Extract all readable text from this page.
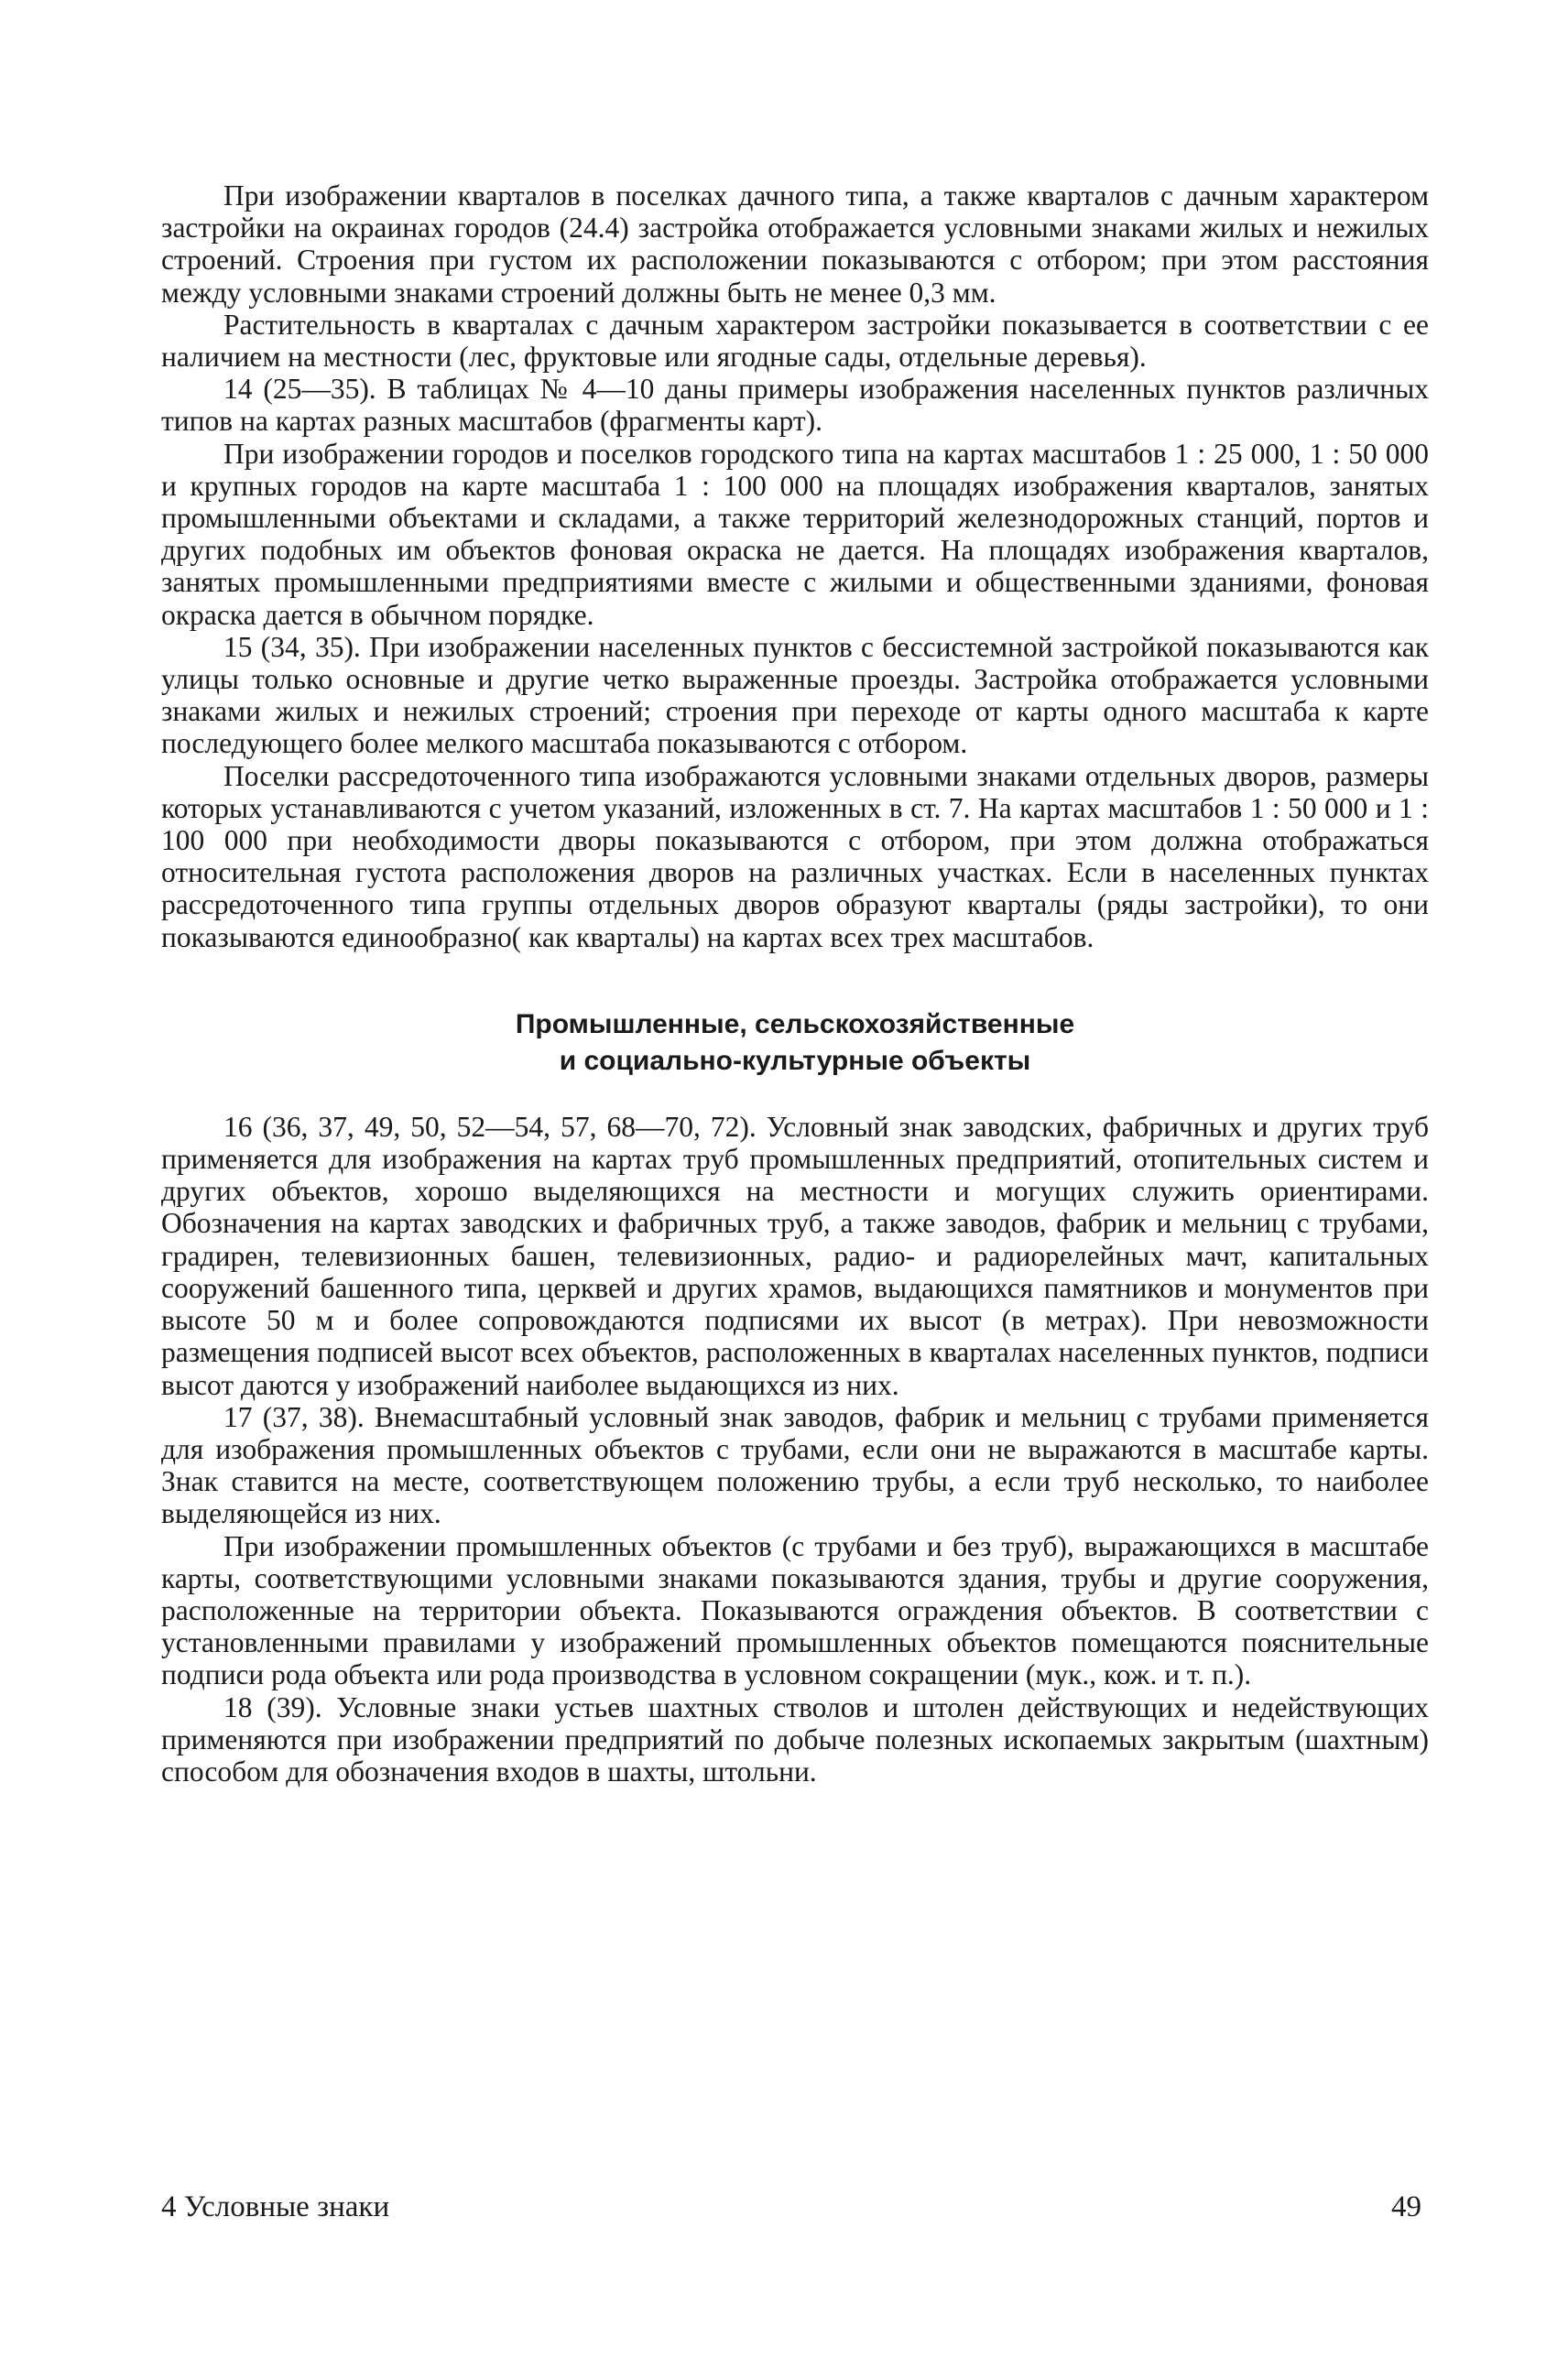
При изображении кварталов в поселках дачного типа, а также кварталов с дачным характером застройки на окраинах городов (24.4) застройка отображается условными знаками жилых и нежилых строений. Строения при густом их расположении показываются с отбором; при этом расстояния между условными знаками строений должны быть не менее 0,3 мм.

Растительность в кварталах с дачным характером застройки показывается в соответствии с ее наличием на местности (лес, фруктовые или ягодные сады, отдельные деревья).

14 (25—35). В таблицах № 4—10 даны примеры изображения населенных пунктов различных типов на картах разных масштабов (фрагменты карт).

При изображении городов и поселков городского типа на картах масштабов 1 : 25 000, 1 : 50 000 и крупных городов на карте масштаба 1 : 100 000 на площадях изображения кварталов, занятых промышленными объектами и складами, а также территорий железнодорожных станций, портов и других подобных им объектов фоновая окраска не дается. На площадях изображения кварталов, занятых промышленными предприятиями вместе с жилыми и общественными зданиями, фоновая окраска дается в обычном порядке.

15 (34, 35). При изображении населенных пунктов с бессистемной застройкой показываются как улицы только основные и другие четко выраженные проезды. Застройка отображается условными знаками жилых и нежилых строений; строения при переходе от карты одного масштаба к карте последующего более мелкого масштаба показываются с отбором.

Поселки рассредоточенного типа изображаются условными знаками отдельных дворов, размеры которых устанавливаются с учетом указаний, изложенных в ст. 7. На картах масштабов 1 : 50 000 и 1 : 100 000 при необходимости дворы показываются с отбором, при этом должна отображаться относительная густота расположения дворов на различных участках. Если в населенных пунктах рассредоточенного типа группы отдельных дворов образуют кварталы (ряды застройки), то они показываются единообразно( как кварталы) на картах всех трех масштабов.

Промышленные, сельскохозяйственные
и социально-культурные объекты

16 (36, 37, 49, 50, 52—54, 57, 68—70, 72). Условный знак заводских, фабричных и других труб применяется для изображения на картах труб промышленных предприятий, отопительных систем и других объектов, хорошо выделяющихся на местности и могущих служить ориентирами. Обозначения на картах заводских и фабричных труб, а также заводов, фабрик и мельниц с трубами, градирен, телевизионных башен, телевизионных, радио- и радиорелейных мачт, капитальных сооружений башенного типа, церквей и других храмов, выдающихся памятников и монументов при высоте 50 м и более сопровождаются подписями их высот (в метрах). При невозможности размещения подписей высот всех объектов, расположенных в кварталах населенных пунктов, подписи высот даются у изображений наиболее выдающихся из них.

17 (37, 38). Внемасштабный условный знак заводов, фабрик и мельниц с трубами применяется для изображения промышленных объектов с трубами, если они не выражаются в масштабе карты. Знак ставится на месте, соответствующем положению трубы, а если труб несколько, то наиболее выделяющейся из них.

При изображении промышленных объектов (с трубами и без труб), выражающихся в масштабе карты, соответствующими условными знаками показываются здания, трубы и другие сооружения, расположенные на территории объекта. Показываются ограждения объектов. В соответствии с установленными правилами у изображений промышленных объектов помещаются пояснительные подписи рода объекта или рода производства в условном сокращении (мук., кож. и т. п.).

18 (39). Условные знаки устьев шахтных стволов и штолен действующих и недействующих применяются при изображении предприятий по добыче полезных ископаемых закрытым (шахтным) способом для обозначения входов в шахты, штольни.

4 Условные знаки	49
